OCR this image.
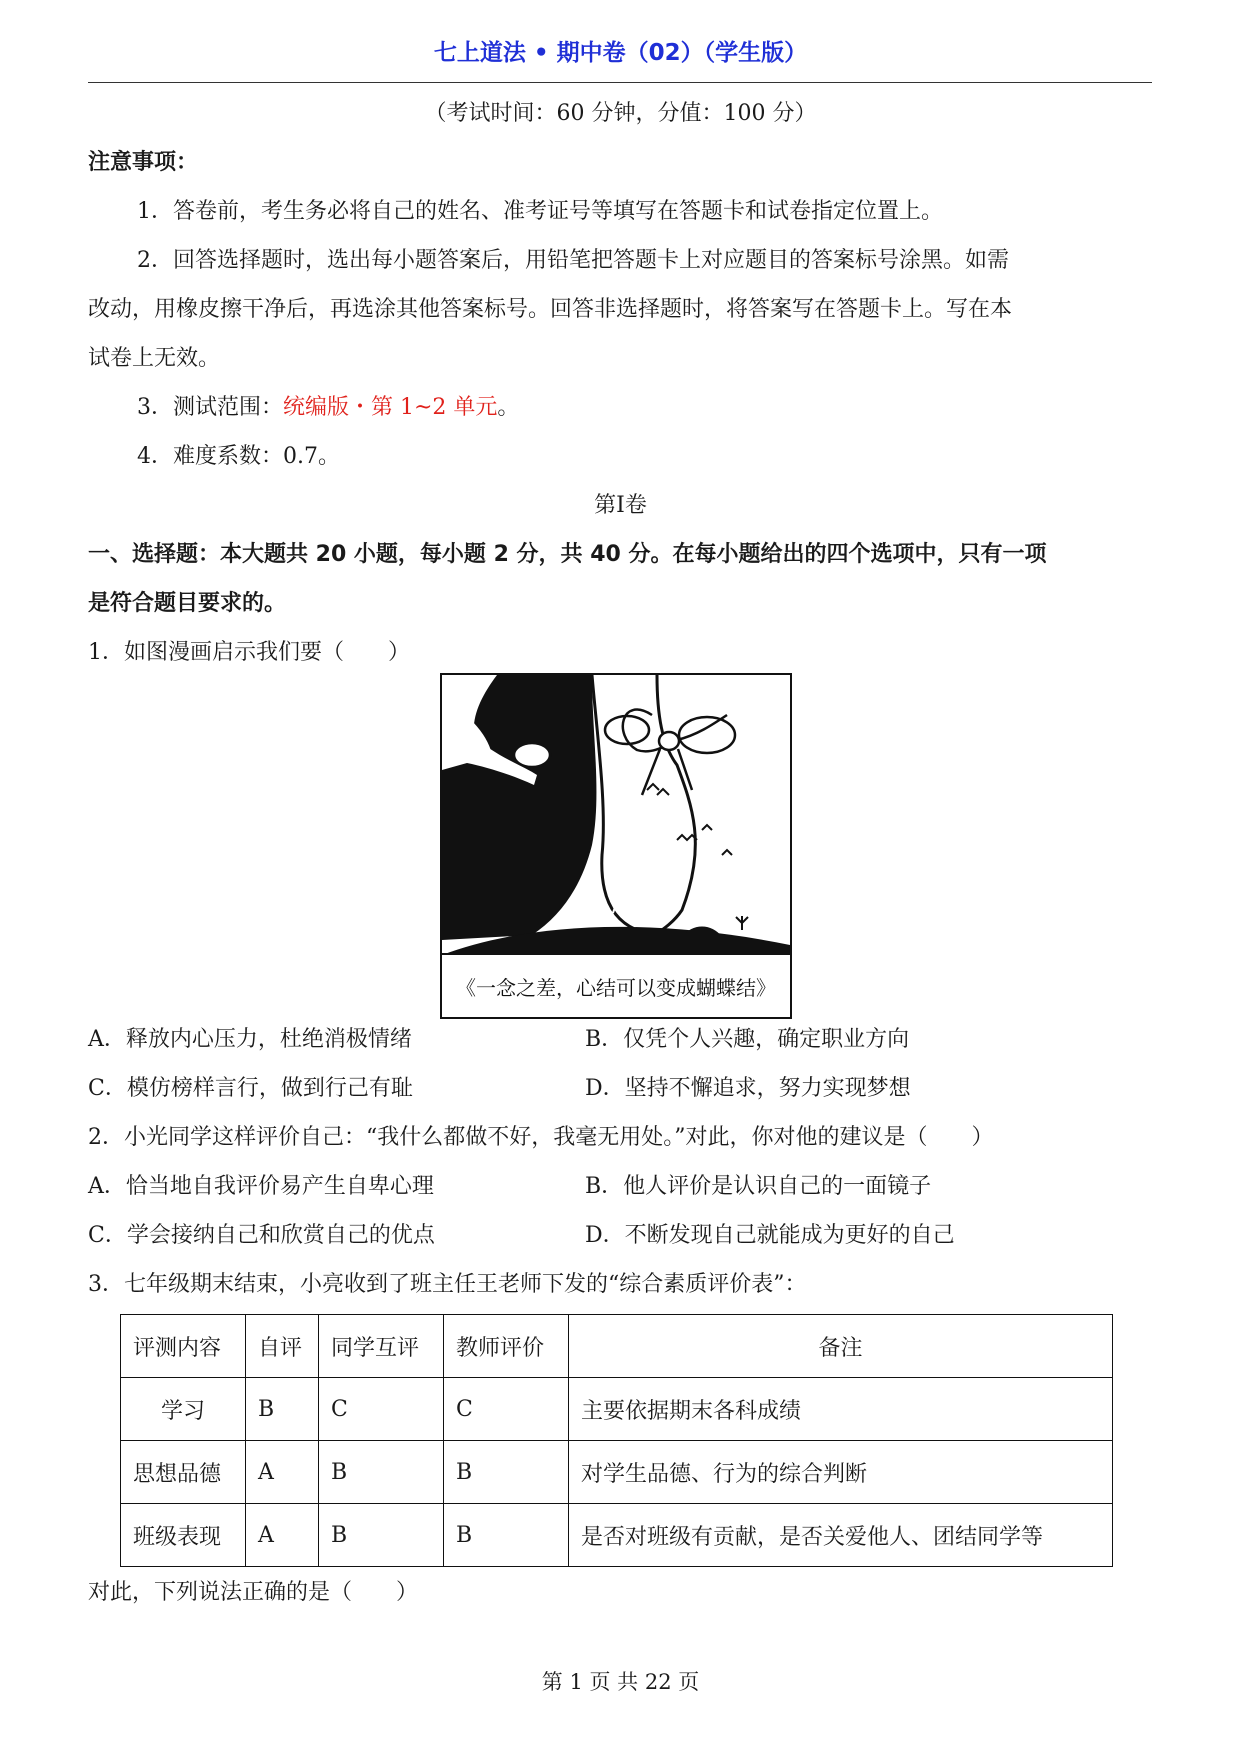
七上道法 • 期中卷（02）（学生版）
（考试时间：60 分钟，分值：100 分）
注意事项：
1．答卷前，考生务必将自己的姓名、准考证号等填写在答题卡和试卷指定位置上。
2．回答选择题时，选出每小题答案后，用铅笔把答题卡上对应题目的答案标号涂黑。如需
改动，用橡皮擦干净后，再选涂其他答案标号。回答非选择题时，将答案写在答题卡上。写在本
试卷上无效。
3．测试范围：统编版・第 1~2 单元。
4．难度系数：0.7。
第I卷
一、选择题：本大题共 20 小题，每小题 2 分，共 40 分。在每小题给出的四个选项中，只有一项
是符合题目要求的。
1．如图漫画启示我们要（　　）
《一念之差，心结可以变成蝴蝶结》
A．释放内心压力，杜绝消极情绪	B．仅凭个人兴趣，确定职业方向
C．模仿榜样言行，做到行己有耻	D．坚持不懈追求，努力实现梦想
2．小光同学这样评价自己：“我什么都做不好，我毫无用处。”对此，你对他的建议是（　　）
A．恰当地自我评价易产生自卑心理	B．他人评价是认识自己的一面镜子
C．学会接纳自己和欣赏自己的优点	D．不断发现自己就能成为更好的自己
3．七年级期末结束，小亮收到了班主任王老师下发的“综合素质评价表”：
评测内容	自评	同学互评	教师评价	备注
学习	B	C	C	主要依据期末各科成绩
思想品德	A	B	B	对学生品德、行为的综合判断
班级表现	A	B	B	是否对班级有贡献，是否关爱他人、团结同学等
对此，下列说法正确的是（　　）
第 1 页 共 22 页
